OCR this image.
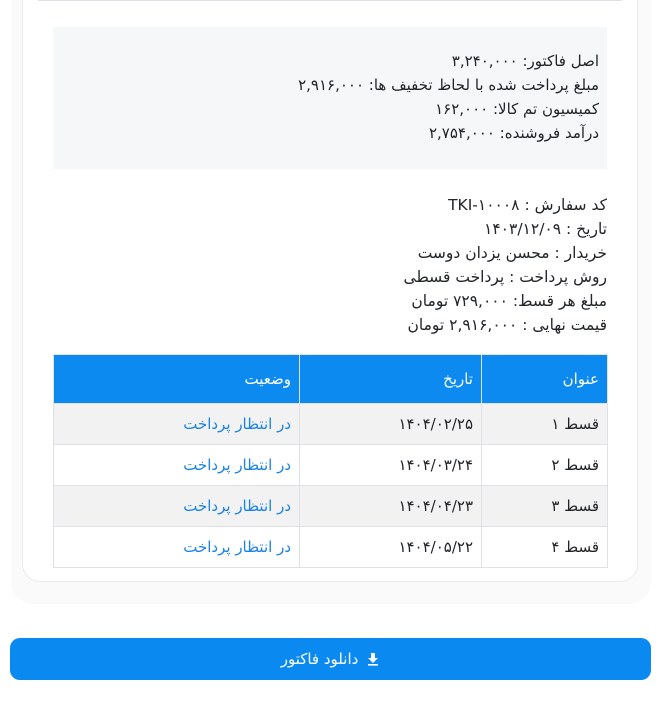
اصل فاکتور: ۳,۲۴۰,۰۰۰
مبلغ پرداخت شده با لحاظ تخفیف ها: ۲,۹۱۶,۰۰۰
کمیسیون تم کالا: ۱۶۲,۰۰۰
درآمد فروشنده: ۲,۷۵۴,۰۰۰
کد سفارش : TKI-۱۰۰۰۸
تاریخ : ۱۴۰۳/۱۲/۰۹
خریدار : محسن یزدان دوست
روش پرداخت : پرداخت قسطی
مبلغ هر قسط: ۷۲۹,۰۰۰ تومان
قیمت نهایی : ۲,۹۱۶,۰۰۰ تومان
عنوان	تاریخ	وضعیت
قسط ۱	۱۴۰۴/۰۲/۲۵	در انتظار پرداخت
قسط ۲	۱۴۰۴/۰۳/۲۴	در انتظار پرداخت
قسط ۳	۱۴۰۴/۰۴/۲۳	در انتظار پرداخت
قسط ۴	۱۴۰۴/۰۵/۲۲	در انتظار پرداخت
دانلود فاکتور
